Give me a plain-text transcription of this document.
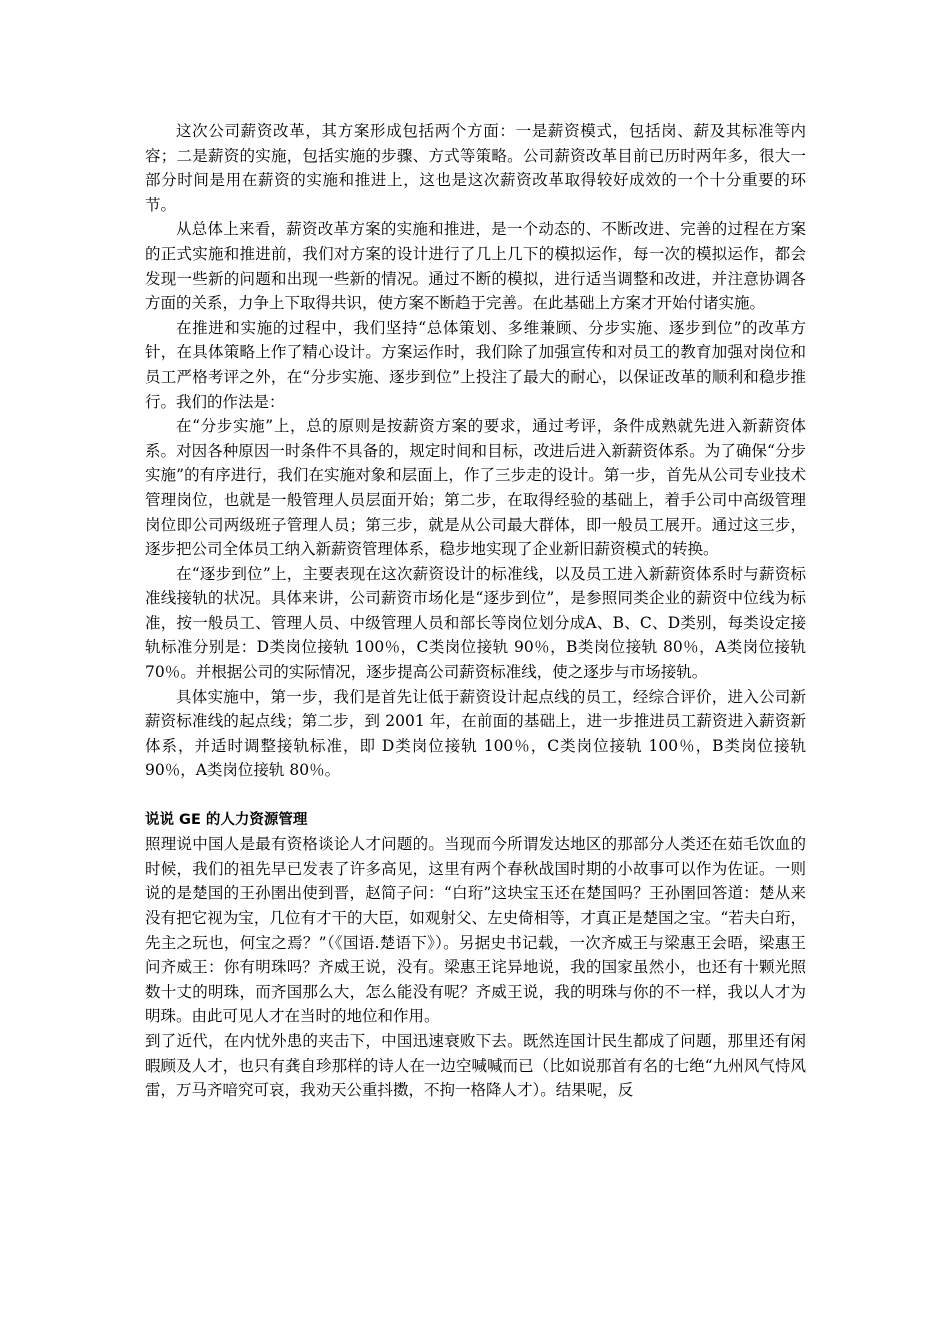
这次公司薪资改革，其方案形成包括两个方面：一是薪资模式，包括岗、薪及其标准等内容；二是薪资的实施，包括实施的步骤、方式等策略。公司薪资改革目前已历时两年多，很大一部分时间是用在薪资的实施和推进上，这也是这次薪资改革取得较好成效的一个十分重要的环节。

从总体上来看，薪资改革方案的实施和推进，是一个动态的、不断改进、完善的过程在方案的正式实施和推进前，我们对方案的设计进行了几上几下的模拟运作，每一次的模拟运作，都会发现一些新的问题和出现一些新的情况。通过不断的模拟，进行适当调整和改进，并注意协调各方面的关系，力争上下取得共识，使方案不断趋于完善。在此基础上方案才开始付诸实施。

在推进和实施的过程中，我们坚持“总体策划、多维兼顾、分步实施、逐步到位”的改革方针，在具体策略上作了精心设计。方案运作时，我们除了加强宣传和对员工的教育加强对岗位和员工严格考评之外，在“分步实施、逐步到位”上投注了最大的耐心，以保证改革的顺利和稳步推行。我们的作法是：

在“分步实施”上，总的原则是按薪资方案的要求，通过考评，条件成熟就先进入新薪资体系。对因各种原因一时条件不具备的，规定时间和目标，改进后进入新薪资体系。为了确保“分步实施”的有序进行，我们在实施对象和层面上，作了三步走的设计。第一步，首先从公司专业技术管理岗位，也就是一般管理人员层面开始；第二步，在取得经验的基础上，着手公司中高级管理岗位即公司两级班子管理人员；第三步，就是从公司最大群体，即一般员工展开。通过这三步，逐步把公司全体员工纳入新薪资管理体系，稳步地实现了企业新旧薪资模式的转换。

在“逐步到位”上，主要表现在这次薪资设计的标准线，以及员工进入新薪资体系时与薪资标准线接轨的状况。具体来讲，公司薪资市场化是“逐步到位”，是参照同类企业的薪资中位线为标准，按一般员工、管理人员、中级管理人员和部长等岗位划分成A、B、C、D类别，每类设定接轨标准分别是：D类岗位接轨 100％，C类岗位接轨 90％，B类岗位接轨 80％，A类岗位接轨 70％。并根据公司的实际情况，逐步提高公司薪资标准线，使之逐步与市场接轨。

具体实施中，第一步，我们是首先让低于薪资设计起点线的员工，经综合评价，进入公司新薪资标准线的起点线；第二步，到 2001 年，在前面的基础上，进一步推进员工薪资进入薪资新体系，并适时调整接轨标准，即 D类岗位接轨 100％，C类岗位接轨 100％，B类岗位接轨 90％，A类岗位接轨 80％。

说说 GE 的人力资源管理

照理说中国人是最有资格谈论人才问题的。当现而今所谓发达地区的那部分人类还在茹毛饮血的时候，我们的祖先早已发表了许多高见，这里有两个春秋战国时期的小故事可以作为佐证。一则说的是楚国的王孙圉出使到晋，赵简子问：“白珩”这块宝玉还在楚国吗？王孙圉回答道：楚从来没有把它视为宝，几位有才干的大臣，如观射父、左史倚相等，才真正是楚国之宝。“若夫白珩，先主之玩也，何宝之焉？”（《国语.楚语下》）。另据史书记载，一次齐威王与梁惠王会晤，梁惠王问齐威王：你有明珠吗？齐威王说，没有。梁惠王诧异地说，我的国家虽然小，也还有十颗光照数十丈的明珠，而齐国那么大，怎么能没有呢？齐威王说，我的明珠与你的不一样，我以人才为明珠。由此可见人才在当时的地位和作用。

到了近代，在内忧外患的夹击下，中国迅速衰败下去。既然连国计民生都成了问题，那里还有闲暇顾及人才，也只有龚自珍那样的诗人在一边空喊喊而已（比如说那首有名的七绝“九州风气恃风雷，万马齐喑究可哀，我劝天公重抖擞，不拘一格降人才）。结果呢，反
